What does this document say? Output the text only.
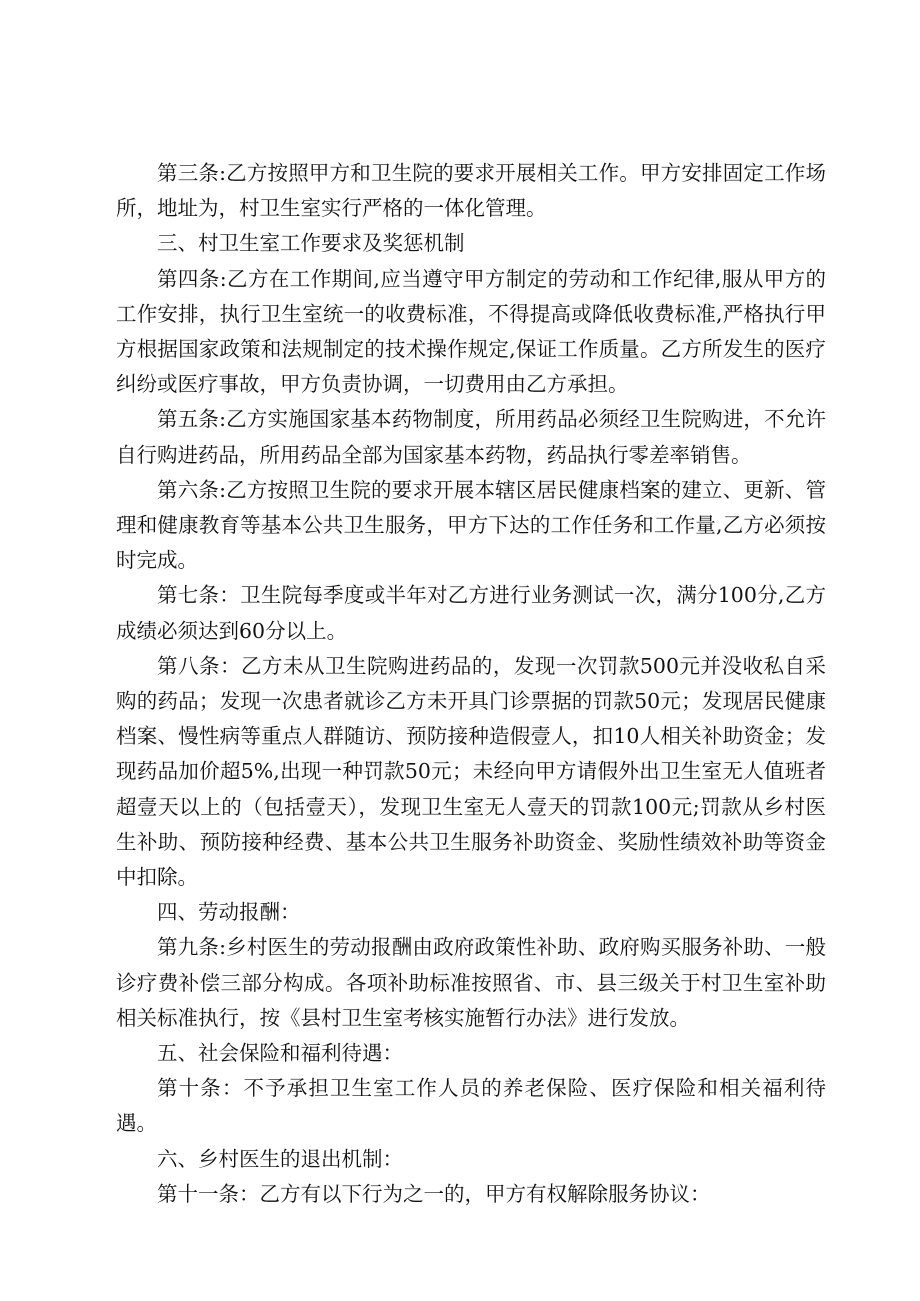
第三条:乙方按照甲方和卫生院的要求开展相关工作。甲方安排固定工作场所，地址为，村卫生室实行严格的一体化管理。

三、村卫生室工作要求及奖惩机制

第四条:乙方在工作期间,应当遵守甲方制定的劳动和工作纪律,服从甲方的工作安排，执行卫生室统一的收费标准，不得提高或降低收费标准,严格执行甲方根据国家政策和法规制定的技术操作规定,保证工作质量。乙方所发生的医疗纠纷或医疗事故，甲方负责协调，一切费用由乙方承担。

第五条:乙方实施国家基本药物制度，所用药品必须经卫生院购进，不允许自行购进药品，所用药品全部为国家基本药物，药品执行零差率销售。

第六条:乙方按照卫生院的要求开展本辖区居民健康档案的建立、更新、管理和健康教育等基本公共卫生服务，甲方下达的工作任务和工作量,乙方必须按时完成。

第七条：卫生院每季度或半年对乙方进行业务测试一次，满分100分,乙方成绩必须达到60分以上。

第八条：乙方未从卫生院购进药品的，发现一次罚款500元并没收私自采购的药品；发现一次患者就诊乙方未开具门诊票据的罚款50元；发现居民健康档案、慢性病等重点人群随访、预防接种造假壹人，扣10人相关补助资金；发现药品加价超5%,出现一种罚款50元；未经向甲方请假外出卫生室无人值班者超壹天以上的（包括壹天），发现卫生室无人壹天的罚款100元;罚款从乡村医生补助、预防接种经费、基本公共卫生服务补助资金、奖励性绩效补助等资金中扣除。

四、劳动报酬：

第九条:乡村医生的劳动报酬由政府政策性补助、政府购买服务补助、一般诊疗费补偿三部分构成。各项补助标准按照省、市、县三级关于村卫生室补助相关标准执行，按《县村卫生室考核实施暂行办法》进行发放。

五、社会保险和福利待遇：

第十条：不予承担卫生室工作人员的养老保险、医疗保险和相关福利待遇。

六、乡村医生的退出机制：

第十一条：乙方有以下行为之一的，甲方有权解除服务协议：
